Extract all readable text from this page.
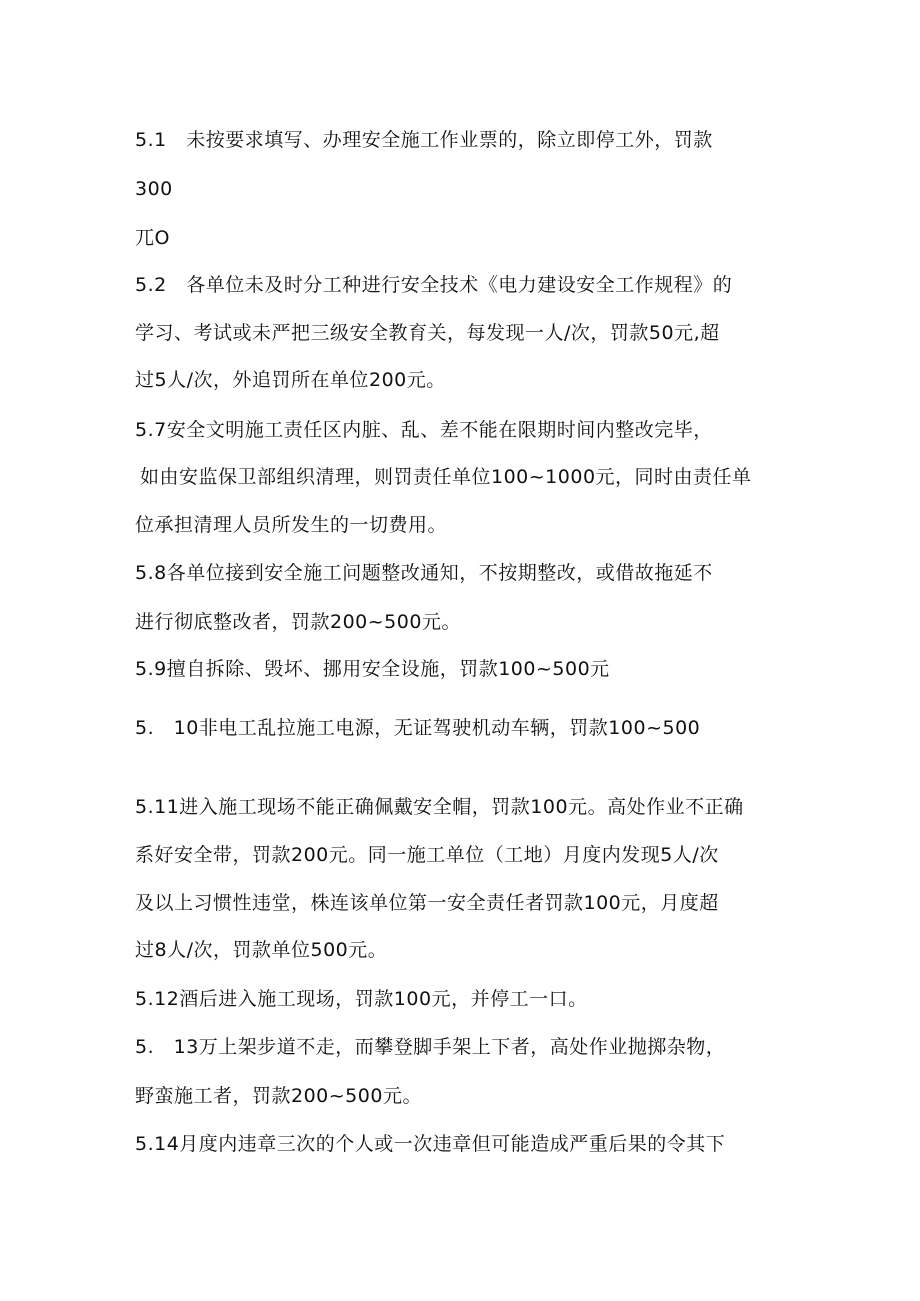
5.1　未按要求填写、办理安全施工作业票的，除立即停工外，罚款
300
兀O
5.2　各单位未及时分工种进行安全技术《电力建设安全工作规程》的
学习、考试或未严把三级安全教育关，每发现一人/次，罚款50元,超
过5人/次，外追罚所在单位200元。
5.7安全文明施工责任区内脏、乱、差不能在限期时间内整改完毕，
如由安监保卫部组织清理，则罚责任单位100~1000元，同时由责任单
位承担清理人员所发生的一切费用。
5.8各单位接到安全施工问题整改通知，不按期整改，或借故拖延不
进行彻底整改者，罚款200~500元。
5.9擅自拆除、毁坏、挪用安全设施，罚款100~500元
5.　10非电工乱拉施工电源，无证驾驶机动车辆，罚款100~500
5.11进入施工现场不能正确佩戴安全帽，罚款100元。高处作业不正确
系好安全带，罚款200元。同一施工单位（工地）月度内发现5人/次
及以上习惯性违堂，株连该单位第一安全责任者罚款100元，月度超
过8人/次，罚款单位500元。
5.12酒后进入施工现场，罚款100元，并停工一口。
5.　13万上架步道不走，而攀登脚手架上下者，高处作业抛掷杂物，
野蛮施工者，罚款200~500元。
5.14月度内违章三次的个人或一次违章但可能造成严重后果的令其下
